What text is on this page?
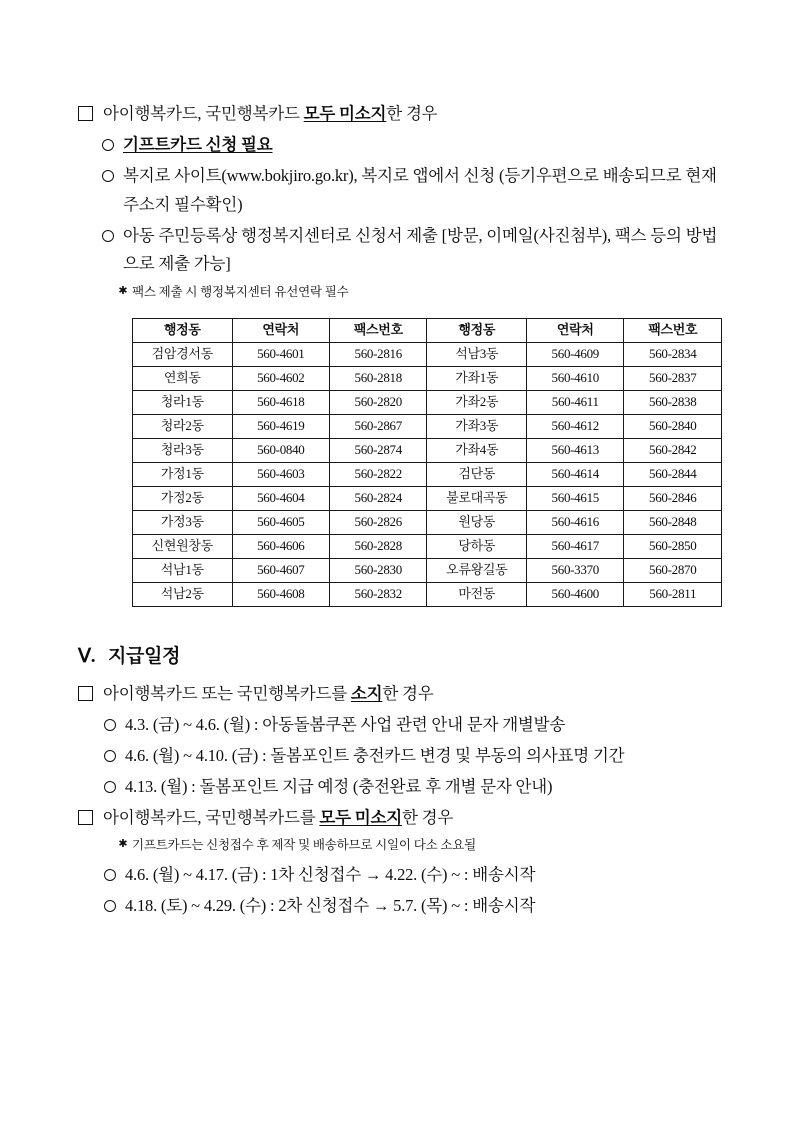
아이행복카드, 국민행복카드 모두 미소지한 경우
기프트카드 신청 필요
복지로 사이트(www.bokjiro.go.kr), 복지로 앱에서 신청 (등기우편으로 배송되므로 현재 주소지 필수확인)
아동 주민등록상 행정복지센터로 신청서 제출 [방문, 이메일(사진첨부), 팩스 등의 방법으로 제출 가능]
✱ 팩스 제출 시 행정복지센터 유선연락 필수
행정동	연락처	팩스번호	행정동	연락처	팩스번호
검암경서동	560-4601	560-2816	석남3동	560-4609	560-2834
연희동	560-4602	560-2818	가좌1동	560-4610	560-2837
청라1동	560-4618	560-2820	가좌2동	560-4611	560-2838
청라2동	560-4619	560-2867	가좌3동	560-4612	560-2840
청라3동	560-0840	560-2874	가좌4동	560-4613	560-2842
가정1동	560-4603	560-2822	검단동	560-4614	560-2844
가정2동	560-4604	560-2824	불로대곡동	560-4615	560-2846
가정3동	560-4605	560-2826	원당동	560-4616	560-2848
신현원창동	560-4606	560-2828	당하동	560-4617	560-2850
석남1동	560-4607	560-2830	오류왕길동	560-3370	560-2870
석남2동	560-4608	560-2832	마전동	560-4600	560-2811
Ⅴ. 지급일정
아이행복카드 또는 국민행복카드를 소지한 경우
4.3. (금) ~ 4.6. (월) : 아동돌봄쿠폰 사업 관련 안내 문자 개별발송
4.6. (월) ~ 4.10. (금) : 돌봄포인트 충전카드 변경 및 부동의 의사표명 기간
4.13. (월) : 돌봄포인트 지급 예정 (충전완료 후 개별 문자 안내)
아이행복카드, 국민행복카드를 모두 미소지한 경우
✱ 기프트카드는 신청접수 후 제작 및 배송하므로 시일이 다소 소요될
4.6. (월) ~ 4.17. (금) : 1차 신청접수 → 4.22. (수) ~ : 배송시작
4.18. (토) ~ 4.29. (수) : 2차 신청접수 → 5.7. (목) ~ : 배송시작
